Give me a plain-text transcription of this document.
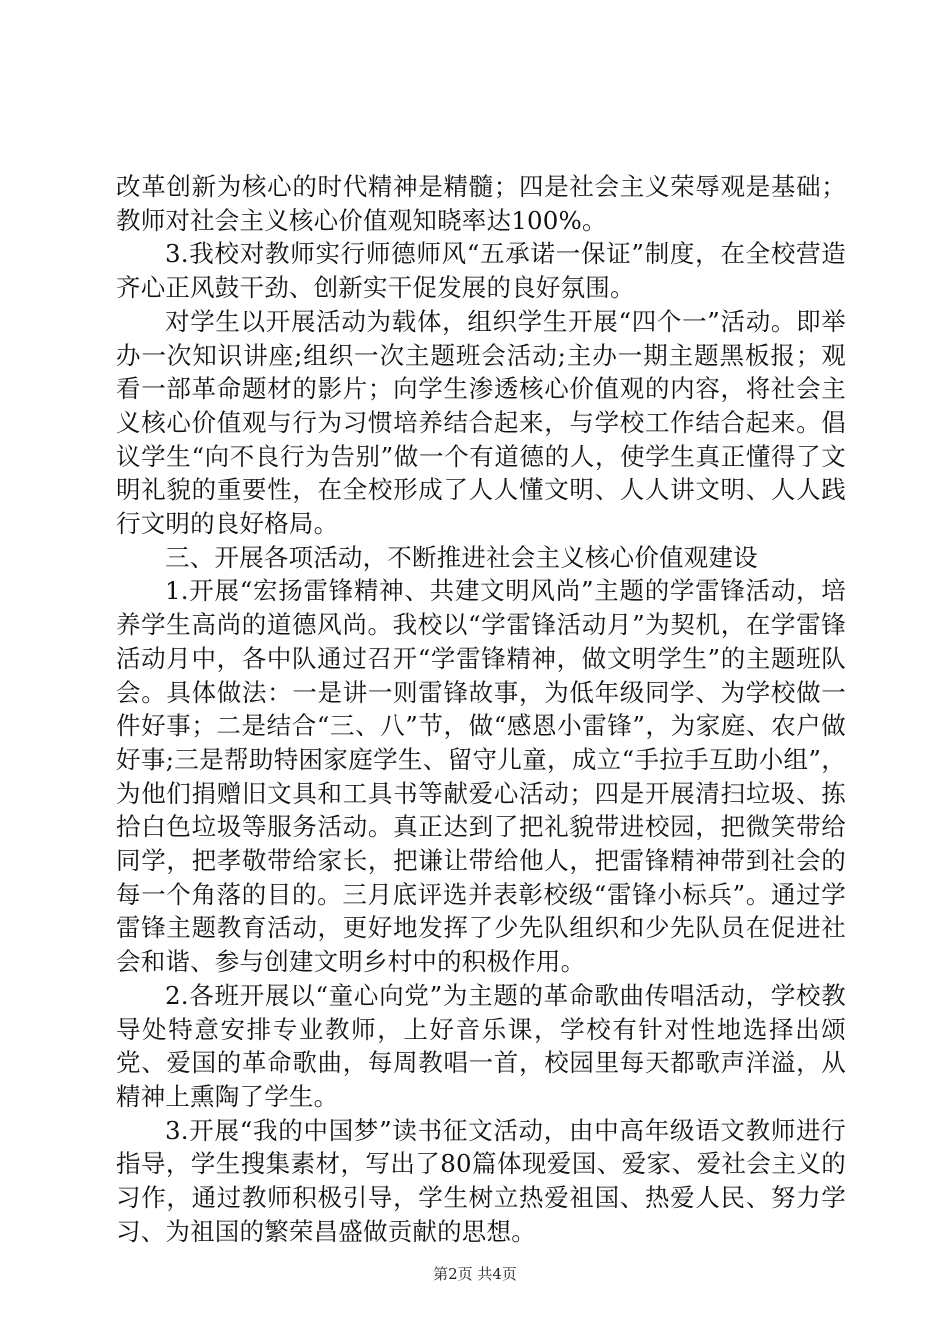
改革创新为核心的时代精神是精髓；四是社会主义荣辱观是基础；教师对社会主义核心价值观知晓率达100%。

3.我校对教师实行师德师风“五承诺一保证”制度，在全校营造齐心正风鼓干劲、创新实干促发展的良好氛围。

对学生以开展活动为载体，组织学生开展“四个一”活动。即举办一次知识讲座;组织一次主题班会活动;主办一期主题黑板报；观看一部革命题材的影片；向学生渗透核心价值观的内容，将社会主义核心价值观与行为习惯培养结合起来，与学校工作结合起来。倡议学生“向不良行为告别”做一个有道德的人，使学生真正懂得了文明礼貌的重要性，在全校形成了人人懂文明、人人讲文明、人人践行文明的良好格局。

三、开展各项活动，不断推进社会主义核心价值观建设

1.开展“宏扬雷锋精神、共建文明风尚”主题的学雷锋活动，培养学生高尚的道德风尚。我校以“学雷锋活动月”为契机，在学雷锋活动月中，各中队通过召开“学雷锋精神，做文明学生”的主题班队会。具体做法：一是讲一则雷锋故事，为低年级同学、为学校做一件好事；二是结合“三、八”节，做“感恩小雷锋”，为家庭、农户做好事;三是帮助特困家庭学生、留守儿童，成立“手拉手互助小组”，为他们捐赠旧文具和工具书等献爱心活动；四是开展清扫垃圾、拣拾白色垃圾等服务活动。真正达到了把礼貌带进校园，把微笑带给同学，把孝敬带给家长，把谦让带给他人，把雷锋精神带到社会的每一个角落的目的。三月底评选并表彰校级“雷锋小标兵”。通过学雷锋主题教育活动，更好地发挥了少先队组织和少先队员在促进社会和谐、参与创建文明乡村中的积极作用。

2.各班开展以“童心向党”为主题的革命歌曲传唱活动，学校教导处特意安排专业教师，上好音乐课，学校有针对性地选择出颂党、爱国的革命歌曲，每周教唱一首，校园里每天都歌声洋溢，从精神上熏陶了学生。

3.开展“我的中国梦”读书征文活动，由中高年级语文教师进行指导，学生搜集素材，写出了80篇体现爱国、爱家、爱社会主义的习作，通过教师积极引导，学生树立热爱祖国、热爱人民、努力学习、为祖国的繁荣昌盛做贡献的思想。

第2页 共4页
